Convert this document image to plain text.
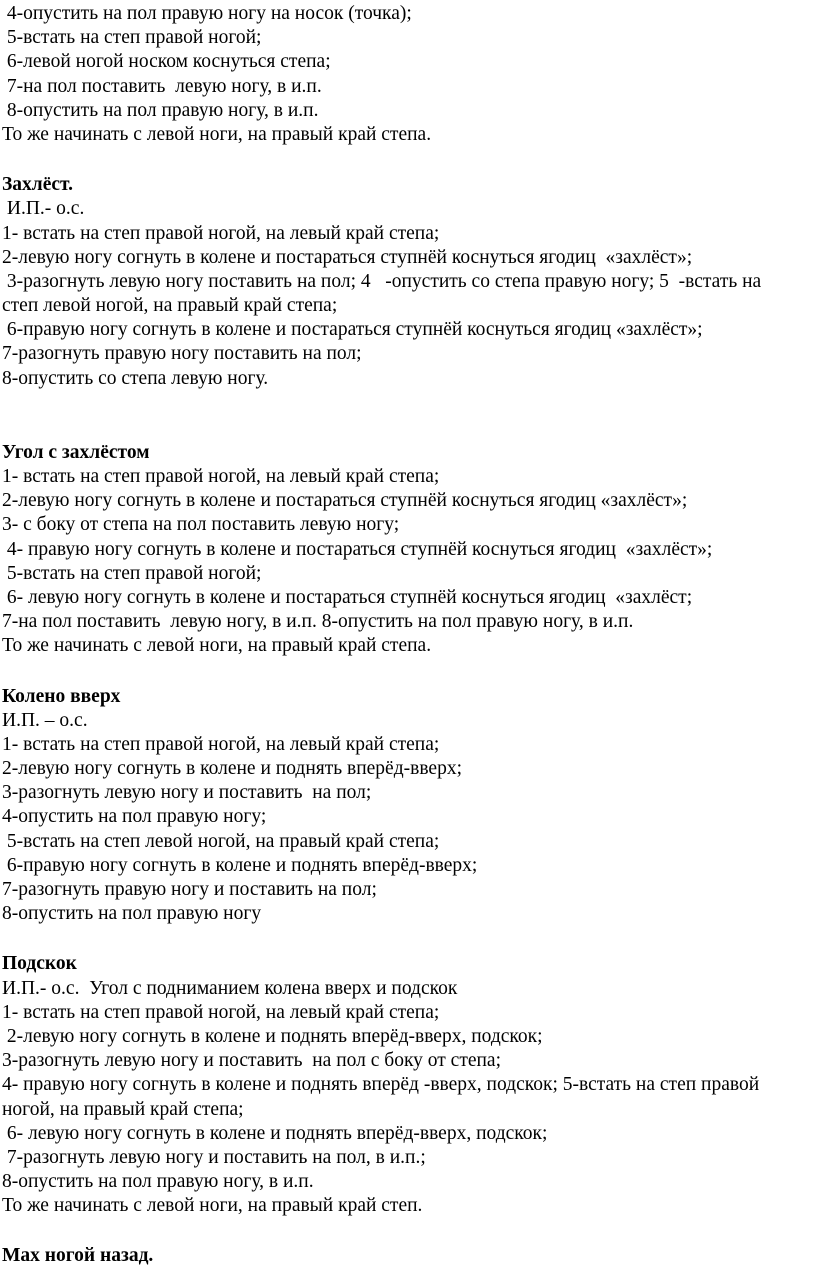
4-опустить на пол правую ногу на носок (точка);
5-встать на степ правой ногой;
6-левой ногой носком коснуться степа;
7-на пол поставить  левую ногу, в и.п.
8-опустить на пол правую ногу, в и.п.
То же начинать с левой ноги, на правый край степа.
Захлёст.
И.П.- о.с.
1- встать на степ правой ногой, на левый край степа;
2-левую ногу согнуть в колене и постараться ступнёй коснуться ягодиц  «захлёст»;
3-разогнуть левую ногу поставить на пол; 4   -опустить со степа правую ногу; 5  -встать на
степ левой ногой, на правый край степа;
6-правую ногу согнуть в колене и постараться ступнёй коснуться ягодиц «захлёст»;
7-разогнуть правую ногу поставить на пол;
8-опустить со степа левую ногу.
Угол с захлёстом
1- встать на степ правой ногой, на левый край степа;
2-левую ногу согнуть в колене и постараться ступнёй коснуться ягодиц «захлёст»;
3- с боку от степа на пол поставить левую ногу;
4- правую ногу согнуть в колене и постараться ступнёй коснуться ягодиц  «захлёст»;
5-встать на степ правой ногой;
6- левую ногу согнуть в колене и постараться ступнёй коснуться ягодиц  «захлёст;
7-на пол поставить  левую ногу, в и.п. 8-опустить на пол правую ногу, в и.п.
То же начинать с левой ноги, на правый край степа.
Колено вверх
И.П. – о.с.
1- встать на степ правой ногой, на левый край степа;
2-левую ногу согнуть в колене и поднять вперёд-вверх;
3-разогнуть левую ногу и поставить  на пол;
4-опустить на пол правую ногу;
5-встать на степ левой ногой, на правый край степа;
6-правую ногу согнуть в колене и поднять вперёд-вверх;
7-разогнуть правую ногу и поставить на пол;
8-опустить на пол правую ногу
Подскок
И.П.- о.с.  Угол с подниманием колена вверх и подскок
1- встать на степ правой ногой, на левый край степа;
2-левую ногу согнуть в колене и поднять вперёд-вверх, подскок;
3-разогнуть левую ногу и поставить  на пол с боку от степа;
4- правую ногу согнуть в колене и поднять вперёд -вверх, подскок; 5-встать на степ правой
ногой, на правый край степа;
6- левую ногу согнуть в колене и поднять вперёд-вверх, подскок;
7-разогнуть левую ногу и поставить на пол, в и.п.;
8-опустить на пол правую ногу, в и.п.
То же начинать с левой ноги, на правый край степ.
Мах ногой назад.
